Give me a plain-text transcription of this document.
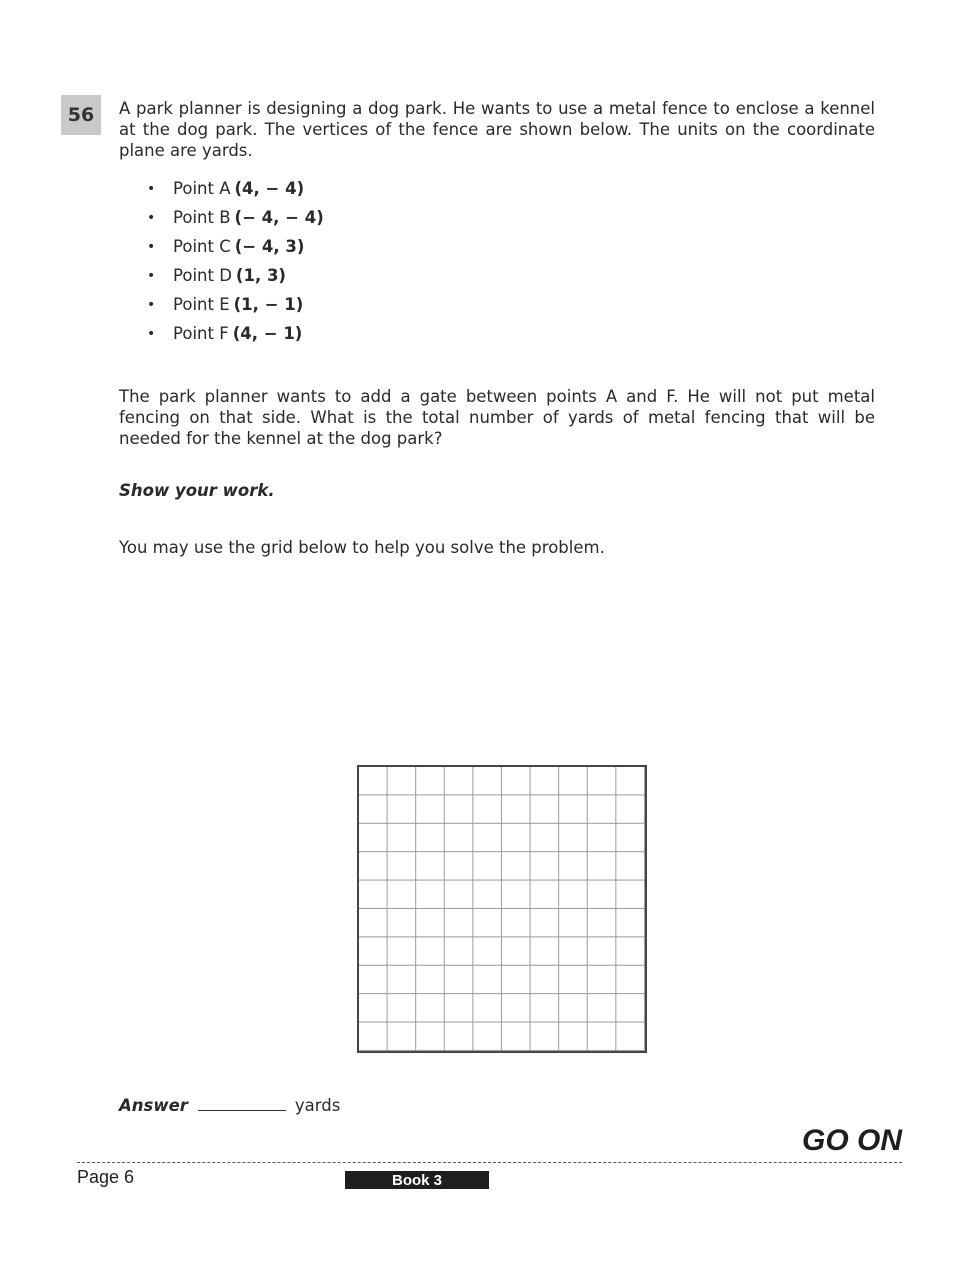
56	A park planner is designing a dog park. He wants to use a metal fence to enclose a kennel at the dog park. The vertices of the fence are shown below. The units on the coordinate plane are yards.
•	Point A (4, − 4)
•	Point B (− 4, − 4)
•	Point C (− 4, 3)
•	Point D (1, 3)
•	Point E (1, − 1)
•	Point F (4, − 1)
The park planner wants to add a gate between points A and F. He will not put metal fencing on that side. What is the total number of yards of metal fencing that will be needed for the kennel at the dog park?
Show your work.
You may use the grid below to help you solve the problem.
Answer	yards
GO ON
Page 6	Book 3
